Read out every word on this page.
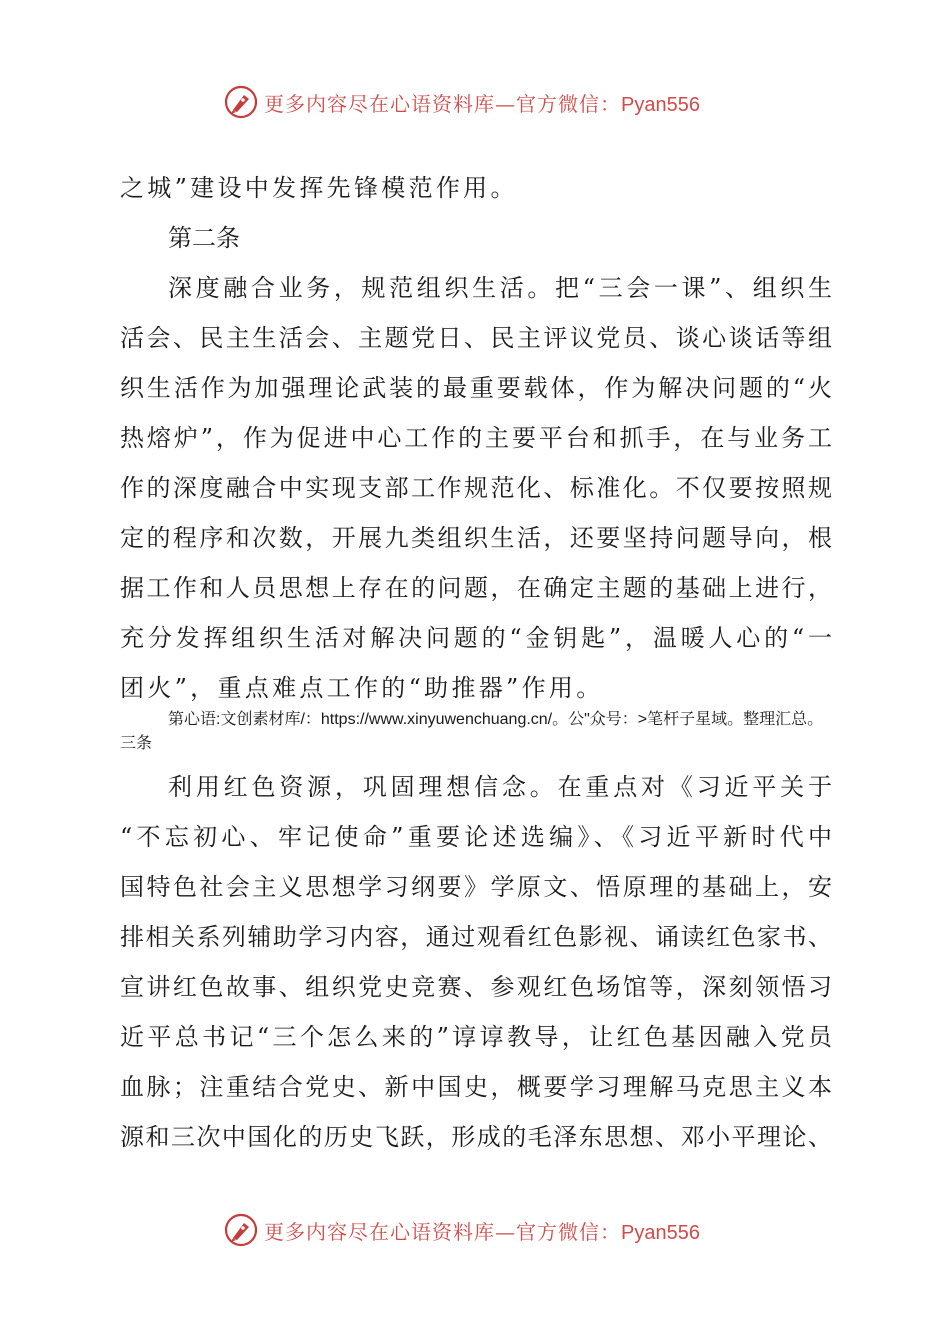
更多内容尽在心语资料库—官方微信：Pyan556
之城”建设中发挥先锋模范作用。
第二条
深度融合业务，规范组织生活。把“三会一课”、组织生
活会、民主生活会、主题党日、民主评议党员、谈心谈话等组
织生活作为加强理论武装的最重要载体，作为解决问题的“火
热熔炉”，作为促进中心工作的主要平台和抓手，在与业务工
作的深度融合中实现支部工作规范化、标准化。不仅要按照规
定的程序和次数，开展九类组织生活，还要坚持问题导向，根
据工作和人员思想上存在的问题，在确定主题的基础上进行，
充分发挥组织生活对解决问题的“金钥匙”，温暖人心的“一
团火”，重点难点工作的“助推器”作用。
第心语:文创素材库/：https://www.xinyuwenchuang.cn/。公"众号：>笔杆子星域。整理汇总。
三条
利用红色资源，巩固理想信念。在重点对《习近平关于
“不忘初心、牢记使命”重要论述选编》、《习近平新时代中
国特色社会主义思想学习纲要》学原文、悟原理的基础上，安
排相关系列辅助学习内容，通过观看红色影视、诵读红色家书、
宣讲红色故事、组织党史竞赛、参观红色场馆等，深刻领悟习
近平总书记“三个怎么来的”谆谆教导，让红色基因融入党员
血脉；注重结合党史、新中国史，概要学习理解马克思主义本
源和三次中国化的历史飞跃，形成的毛泽东思想、邓小平理论、
更多内容尽在心语资料库—官方微信：Pyan556
